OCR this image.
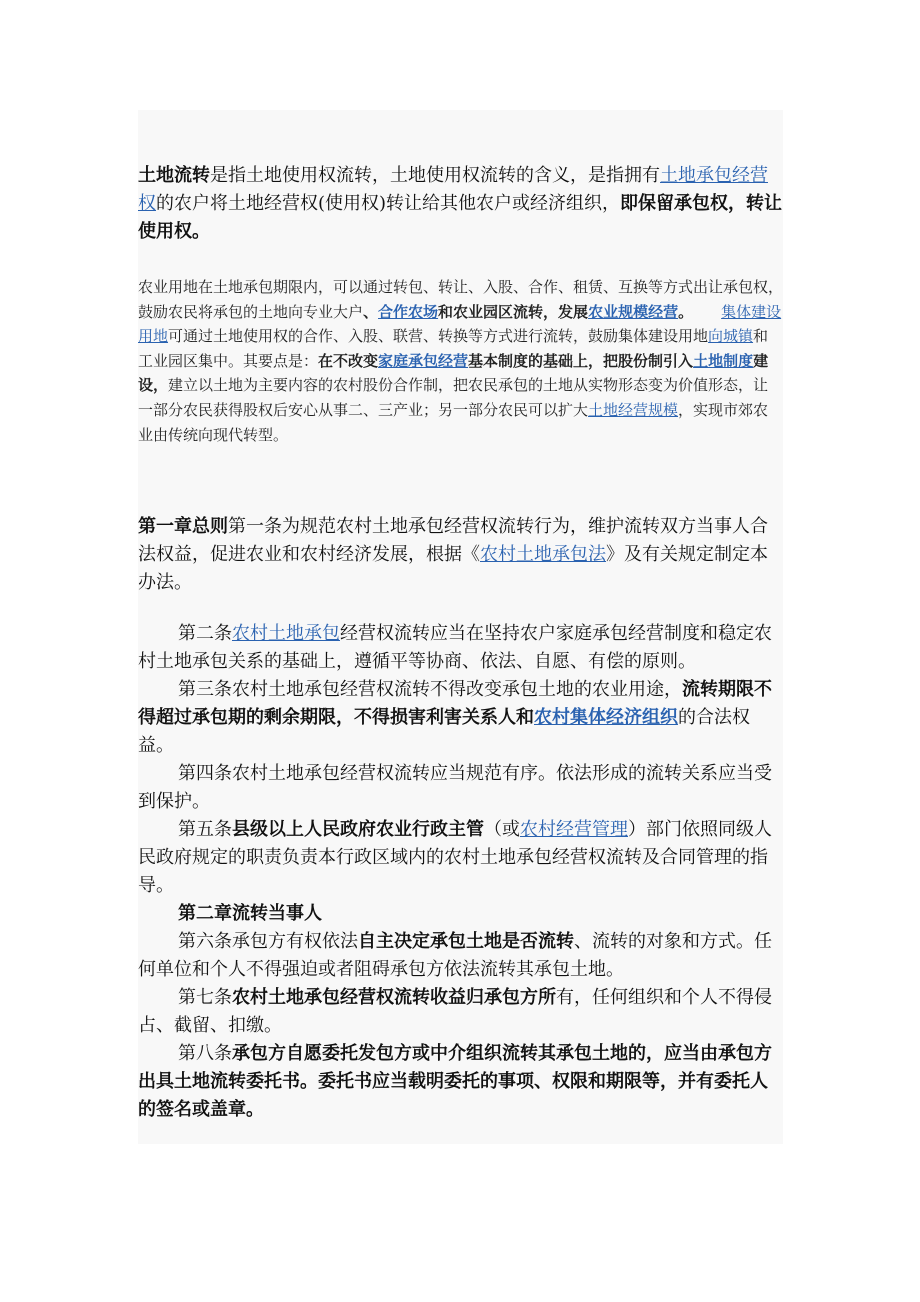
土地流转是指土地使用权流转，土地使用权流转的含义，是指拥有土地承包经营权的农户将土地经营权(使用权)转让给其他农户或经济组织，即保留承包权，转让使用权。

农业用地在土地承包期限内，可以通过转包、转让、入股、合作、租赁、互换等方式出让承包权，鼓励农民将承包的土地向专业大户、合作农场和农业园区流转，发展农业规模经营。 集体建设用地可通过土地使用权的合作、入股、联营、转换等方式进行流转，鼓励集体建设用地向城镇和工业园区集中。其要点是：在不改变家庭承包经营基本制度的基础上，把股份制引入土地制度建设，建立以土地为主要内容的农村股份合作制，把农民承包的土地从实物形态变为价值形态，让一部分农民获得股权后安心从事二、三产业；另一部分农民可以扩大土地经营规模，实现市郊农业由传统向现代转型。

第一章总则第一条为规范农村土地承包经营权流转行为，维护流转双方当事人合法权益，促进农业和农村经济发展，根据《农村土地承包法》及有关规定制定本办法。

第二条农村土地承包经营权流转应当在坚持农户家庭承包经营制度和稳定农村土地承包关系的基础上，遵循平等协商、依法、自愿、有偿的原则。
第三条农村土地承包经营权流转不得改变承包土地的农业用途，流转期限不得超过承包期的剩余期限，不得损害利害关系人和农村集体经济组织的合法权益。
第四条农村土地承包经营权流转应当规范有序。依法形成的流转关系应当受到保护。
第五条县级以上人民政府农业行政主管（或农村经营管理）部门依照同级人民政府规定的职责负责本行政区域内的农村土地承包经营权流转及合同管理的指导。
第二章流转当事人
第六条承包方有权依法自主决定承包土地是否流转、流转的对象和方式。任何单位和个人不得强迫或者阻碍承包方依法流转其承包土地。
第七条农村土地承包经营权流转收益归承包方所有，任何组织和个人不得侵占、截留、扣缴。
第八条承包方自愿委托发包方或中介组织流转其承包土地的，应当由承包方出具土地流转委托书。委托书应当载明委托的事项、权限和期限等，并有委托人的签名或盖章。
